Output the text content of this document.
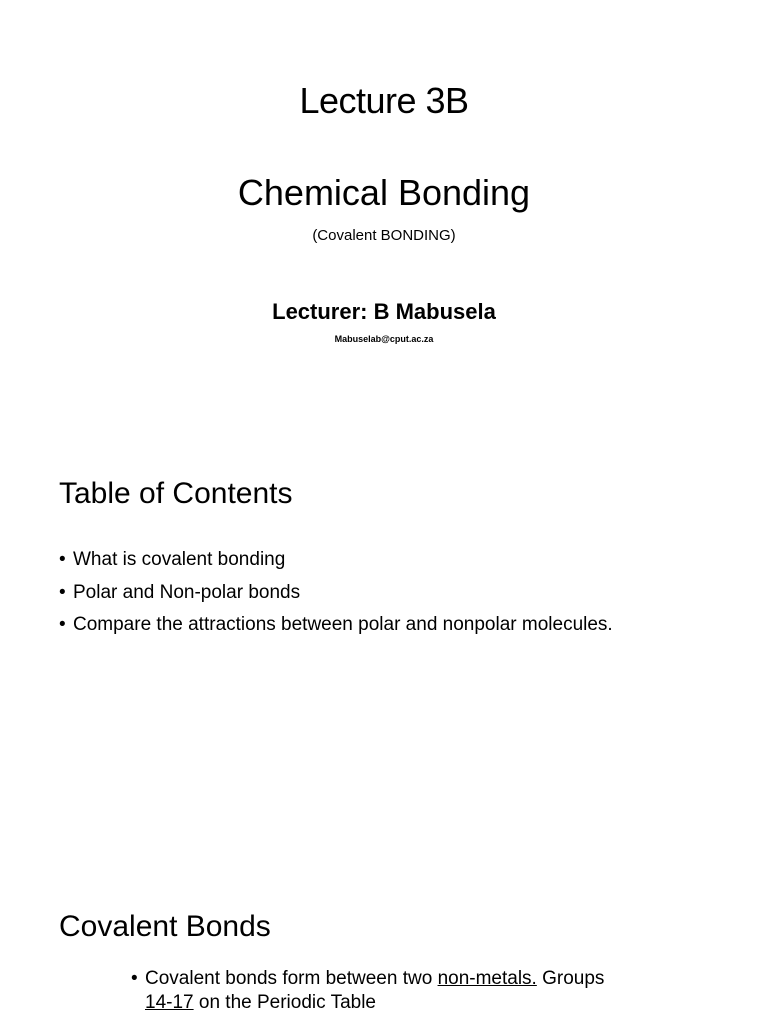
Lecture 3B
Chemical Bonding
(Covalent BONDING)
Lecturer: B Mabusela
Mabuselab@cput.ac.za
Table of Contents
• What is covalent bonding
• Polar and Non-polar bonds
• Compare the attractions between polar and nonpolar molecules.
Covalent Bonds
• Covalent bonds form between two non-metals. Groups
14-17 on the Periodic Table
